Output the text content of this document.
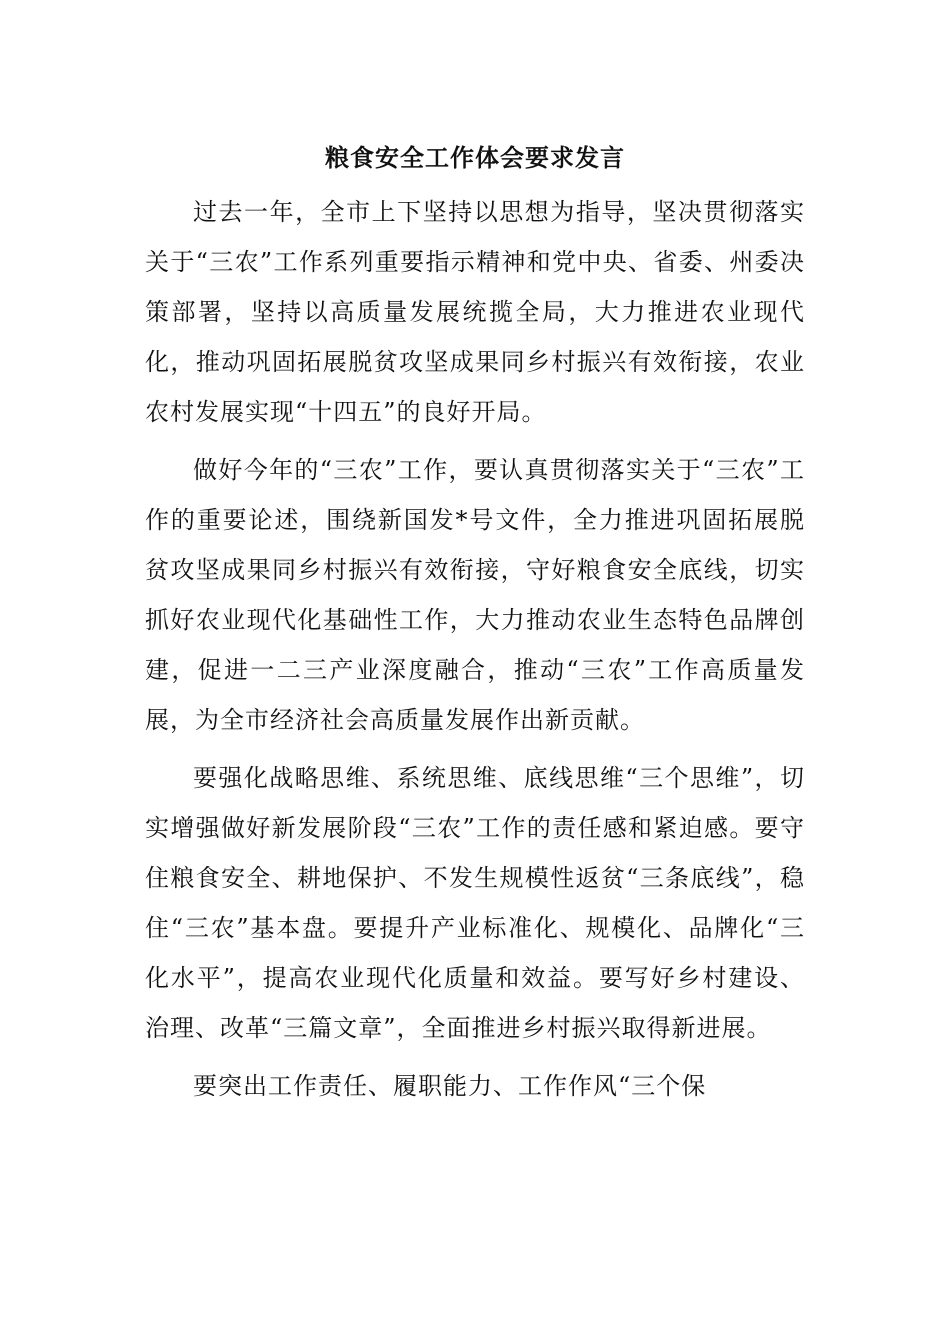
粮食安全工作体会要求发言

过去一年，全市上下坚持以思想为指导，坚决贯彻落实关于“三农”工作系列重要指示精神和党中央、省委、州委决策部署，坚持以高质量发展统揽全局，大力推进农业现代化，推动巩固拓展脱贫攻坚成果同乡村振兴有效衔接，农业农村发展实现“十四五”的良好开局。

做好今年的“三农”工作，要认真贯彻落实关于“三农”工作的重要论述，围绕新国发*号文件，全力推进巩固拓展脱贫攻坚成果同乡村振兴有效衔接，守好粮食安全底线，切实抓好农业现代化基础性工作，大力推动农业生态特色品牌创建，促进一二三产业深度融合，推动“三农”工作高质量发展，为全市经济社会高质量发展作出新贡献。

要强化战略思维、系统思维、底线思维“三个思维”，切实增强做好新发展阶段“三农”工作的责任感和紧迫感。要守住粮食安全、耕地保护、不发生规模性返贫“三条底线”，稳住“三农”基本盘。要提升产业标准化、规模化、品牌化“三化水平”，提高农业现代化质量和效益。要写好乡村建设、治理、改革“三篇文章”，全面推进乡村振兴取得新进展。

要突出工作责任、履职能力、工作作风“三个保
